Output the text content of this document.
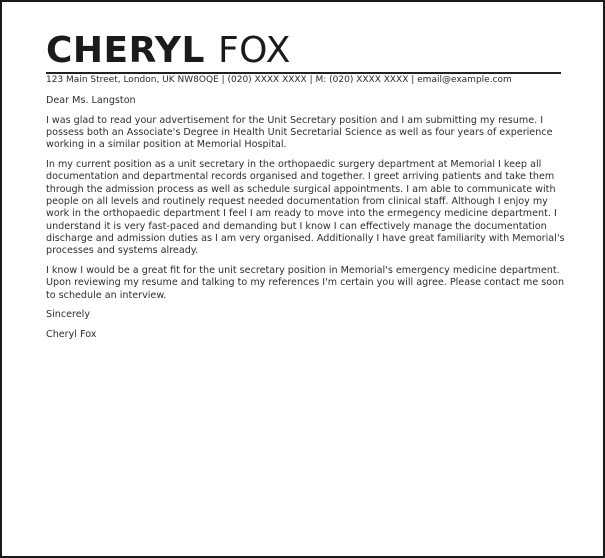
CHERYL FOX
123 Main Street, London, UK NW8OQE | (020) XXXX XXXX | M: (020) XXXX XXXX | email@example.com

Dear Ms. Langston

I was glad to read your advertisement for the Unit Secretary position and I am submitting my resume. I possess both an Associate's Degree in Health Unit Secretarial Science as well as four years of experience working in a similar position at Memorial Hospital.

In my current position as a unit secretary in the orthopaedic surgery department at Memorial I keep all documentation and departmental records organised and together. I greet arriving patients and take them through the admission process as well as schedule surgical appointments. I am able to communicate with people on all levels and routinely request needed documentation from clinical staff. Although I enjoy my work in the orthopaedic department I feel I am ready to move into the ermegency medicine department. I understand it is very fast-paced and demanding but I know I can effectively manage the documentation discharge and admission duties as I am very organised. Additionally I have great familiarity with Memorial's processes and systems already.

I know I would be a great fit for the unit secretary position in Memorial's emergency medicine department. Upon reviewing my resume and talking to my references I'm certain you will agree. Please contact me soon to schedule an interview.

Sincerely

Cheryl Fox
